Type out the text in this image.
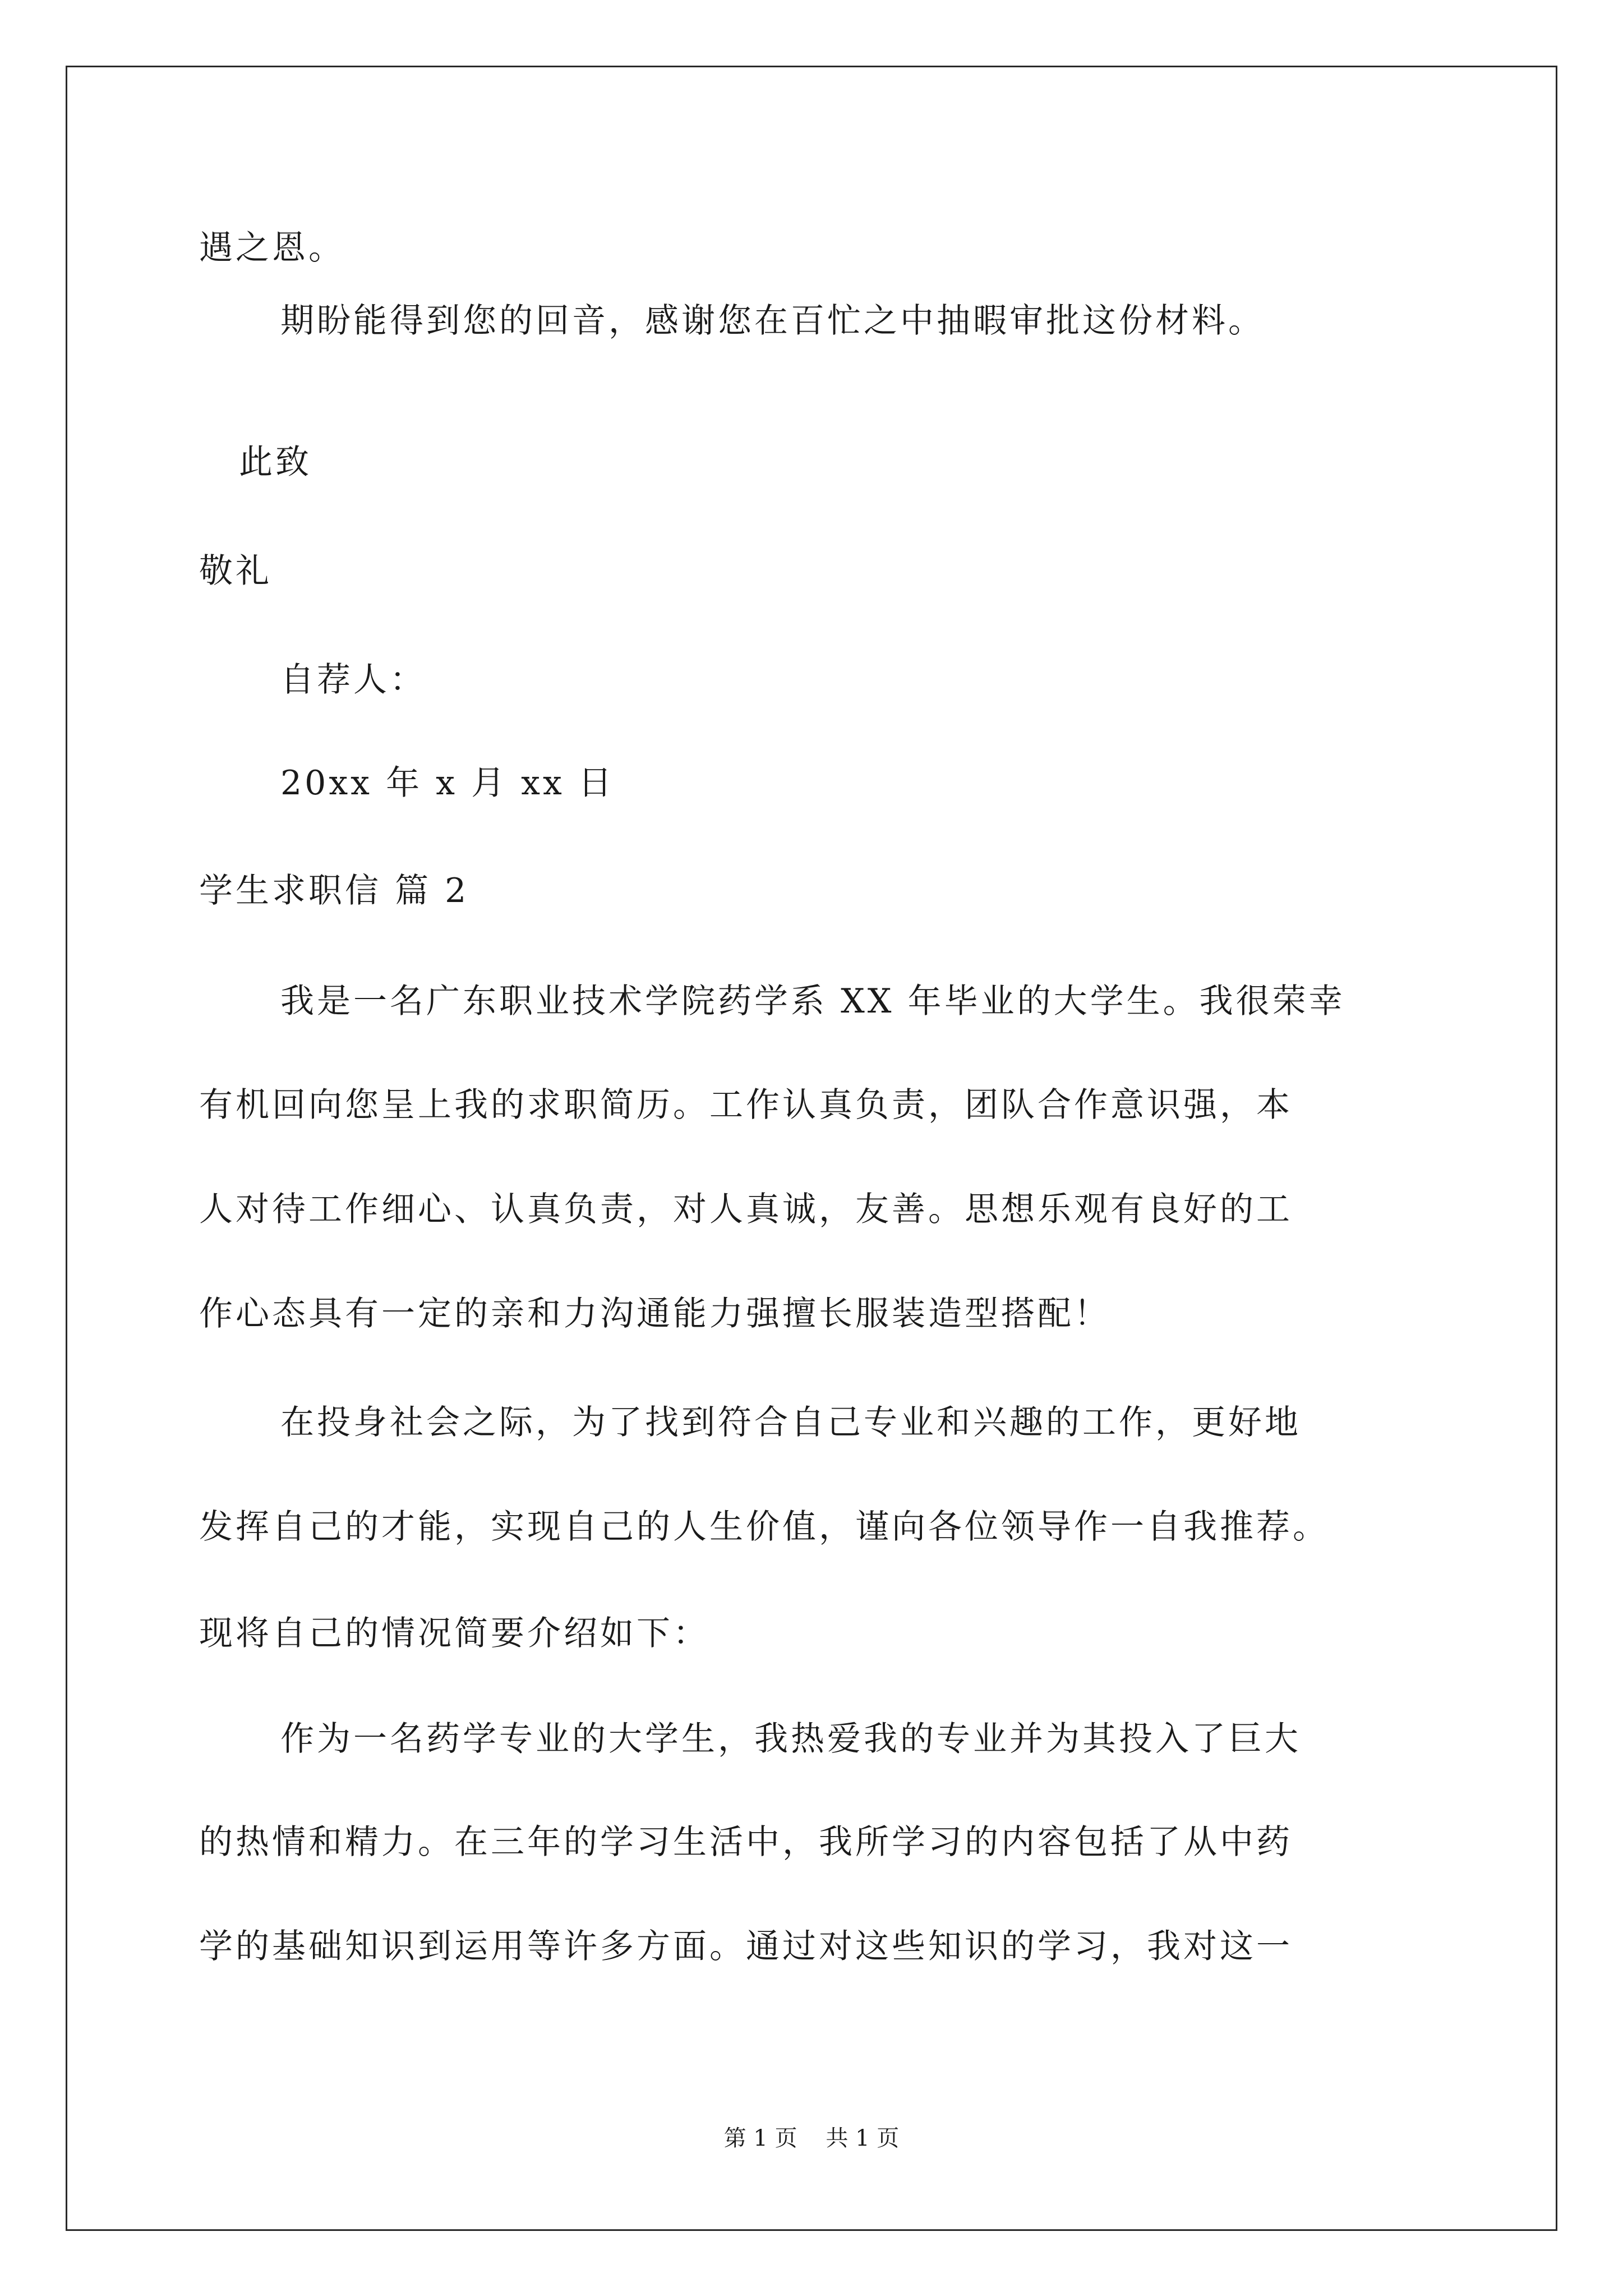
遇之恩。
期盼能得到您的回音，感谢您在百忙之中抽暇审批这份材料。
此致
敬礼
自荐人：
20xx 年 x 月 xx 日
学生求职信 篇 2
我是一名广东职业技术学院药学系 XX 年毕业的大学生。我很荣幸
有机回向您呈上我的求职简历。工作认真负责，团队合作意识强，本
人对待工作细心、认真负责，对人真诚，友善。思想乐观有良好的工
作心态具有一定的亲和力沟通能力强擅长服装造型搭配！
在投身社会之际，为了找到符合自己专业和兴趣的工作，更好地
发挥自己的才能，实现自己的人生价值，谨向各位领导作一自我推荐。
现将自己的情况简要介绍如下：
作为一名药学专业的大学生，我热爱我的专业并为其投入了巨大
的热情和精力。在三年的学习生活中，我所学习的内容包括了从中药
学的基础知识到运用等许多方面。通过对这些知识的学习，我对这一
第 1 页    共 1 页
